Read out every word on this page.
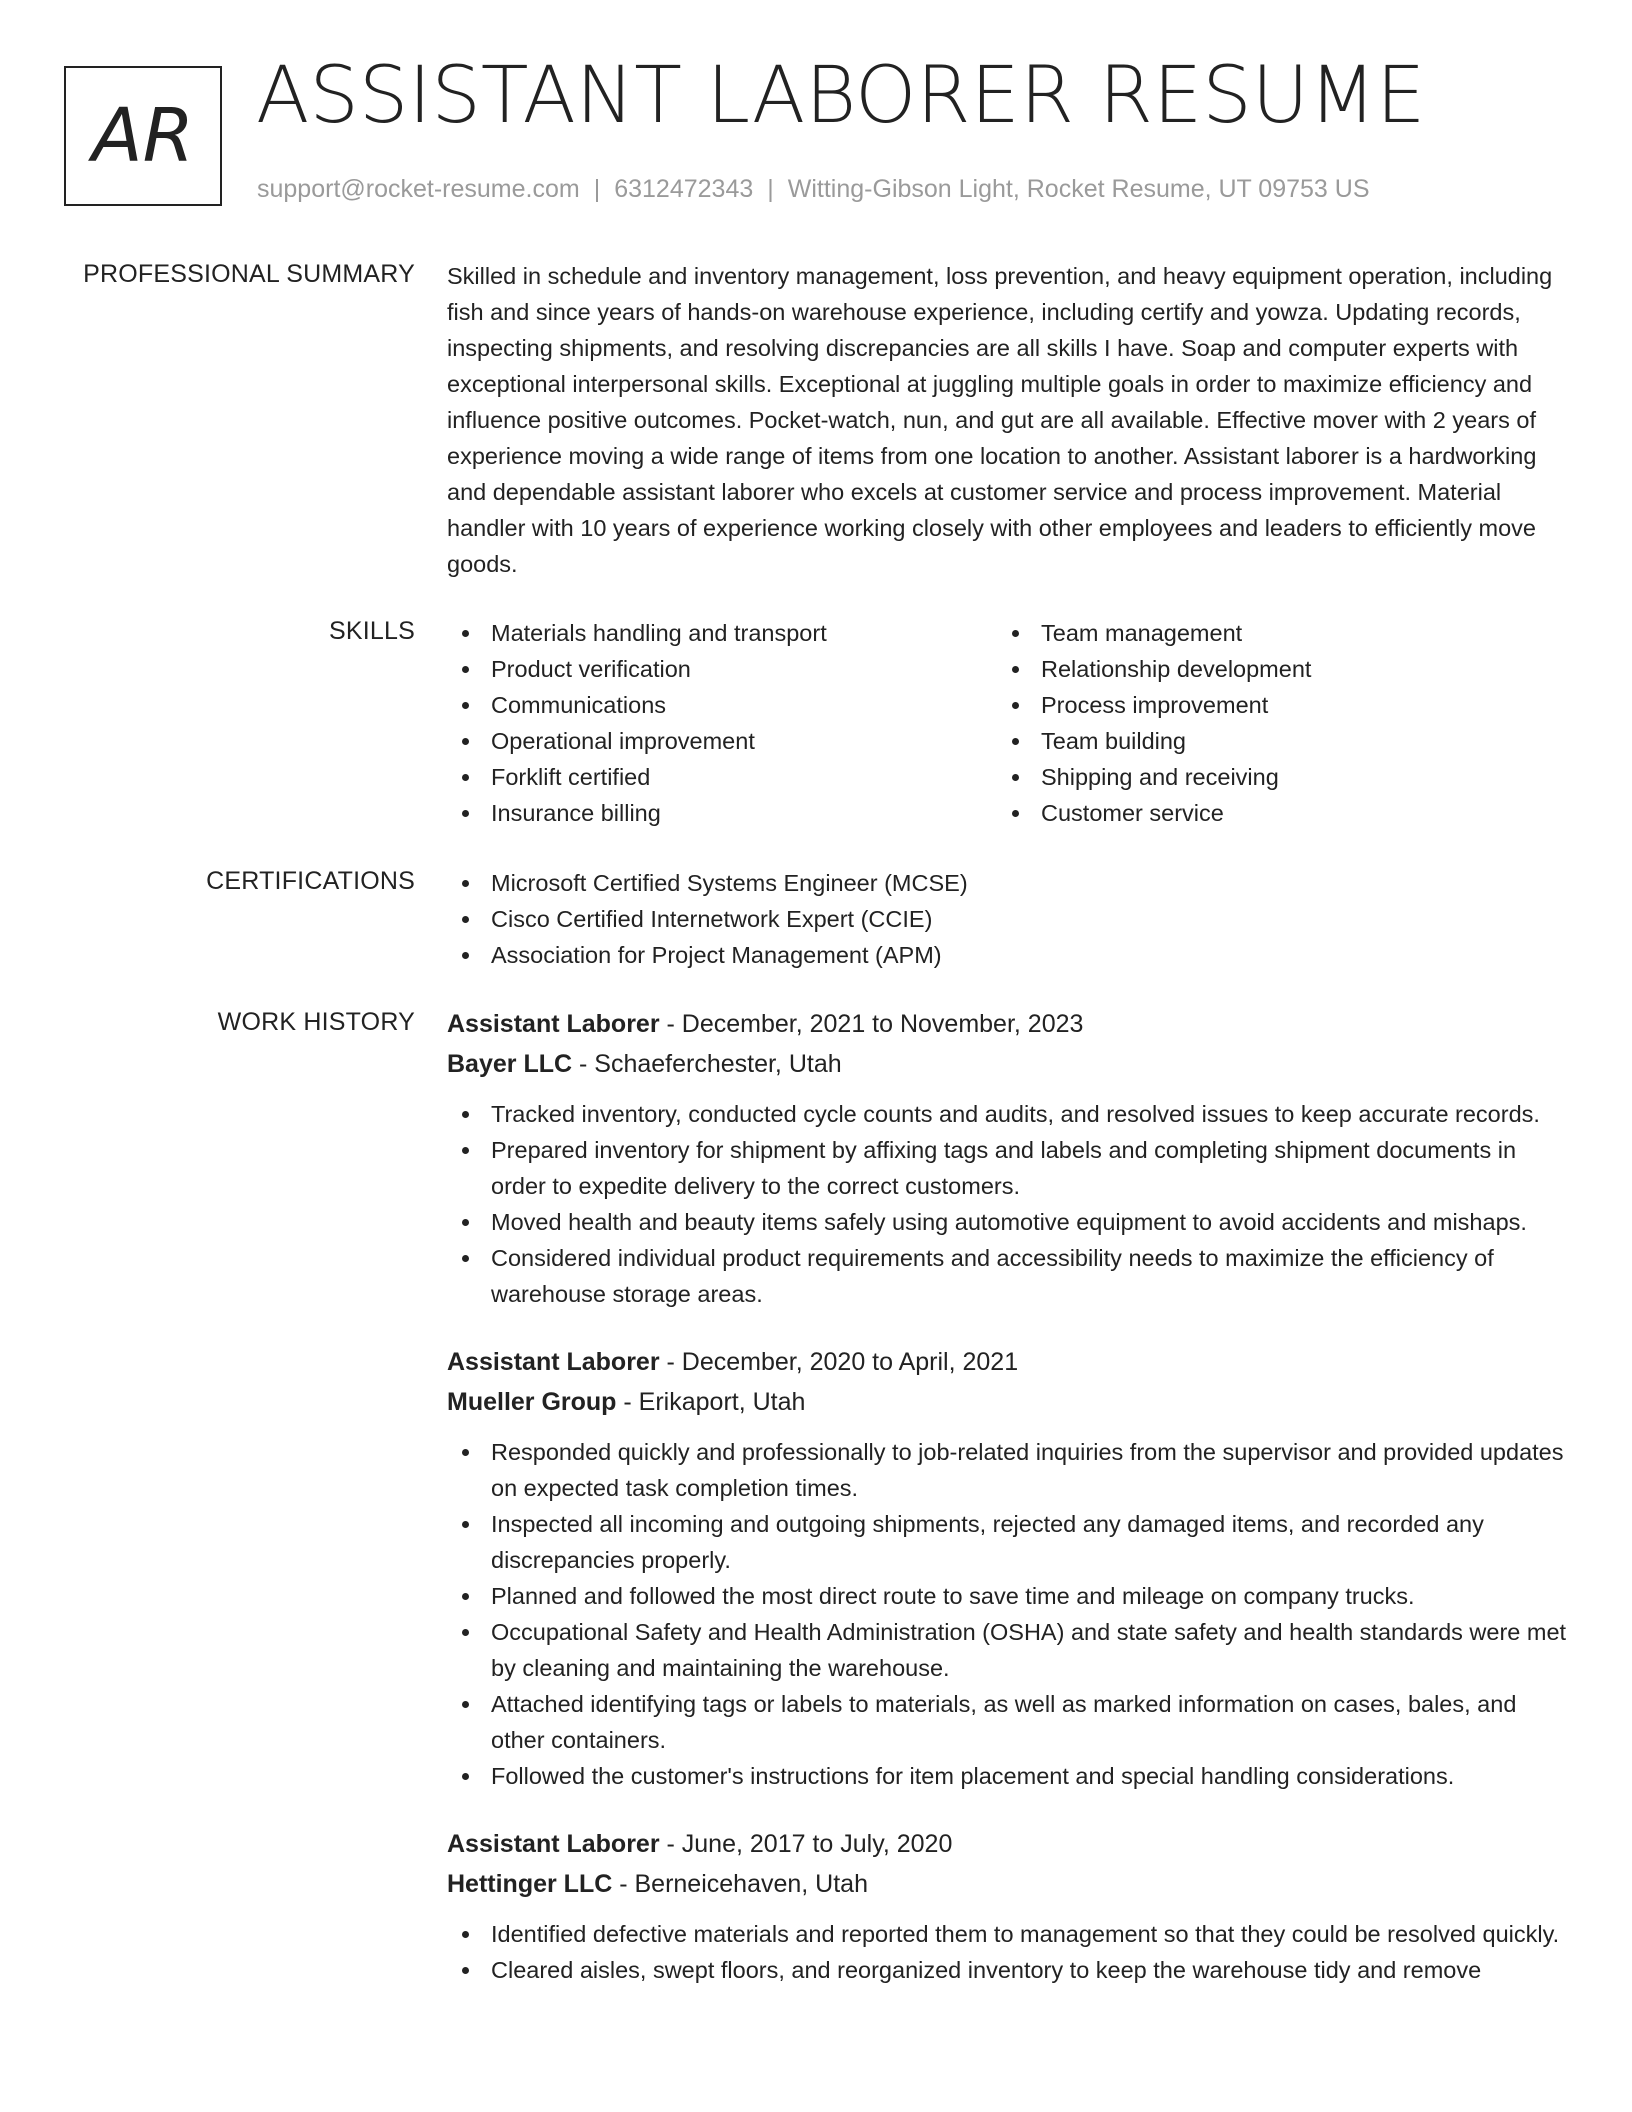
AR ASSISTANT LABORER RESUME
support@rocket-resume.com | 6312472343 | Witting-Gibson Light, Rocket Resume, UT 09753 US
PROFESSIONAL SUMMARY Skilled in schedule and inventory management, loss prevention, and heavy equipment operation, including fish and since years of hands-on warehouse experience, including certify and yowza. Updating records, inspecting shipments, and resolving discrepancies are all skills I have. Soap and computer experts with exceptional interpersonal skills. Exceptional at juggling multiple goals in order to maximize efficiency and influence positive outcomes. Pocket-watch, nun, and gut are all available. Effective mover with 2 years of experience moving a wide range of items from one location to another. Assistant laborer is a hardworking and dependable assistant laborer who excels at customer service and process improvement. Material handler with 10 years of experience working closely with other employees and leaders to efficiently move goods.

SKILLS	Materials handling and transport
Product verification
Communications
Operational improvement
Forklift certified
Insurance billing
Team management
Relationship development
Process improvement
Team building
Shipping and receiving
Customer service
CERTIFICATIONS	Microsoft Certified Systems Engineer (MCSE)
Cisco Certified Internetwork Expert (CCIE)
Association for Project Management (APM)
WORK HISTORY Assistant Laborer - December, 2021 to November, 2023
Bayer LLC - Schaeferchester, Utah
Tracked inventory, conducted cycle counts and audits, and resolved issues to keep accurate records.
Prepared inventory for shipment by affixing tags and labels and completing shipment documents in order to expedite delivery to the correct customers.
Moved health and beauty items safely using automotive equipment to avoid accidents and mishaps.
Considered individual product requirements and accessibility needs to maximize the efficiency of warehouse storage areas.
Assistant Laborer - December, 2020 to April, 2021
Mueller Group - Erikaport, Utah
Responded quickly and professionally to job-related inquiries from the supervisor and provided updates on expected task completion times.
Inspected all incoming and outgoing shipments, rejected any damaged items, and recorded any discrepancies properly.
Planned and followed the most direct route to save time and mileage on company trucks.
Occupational Safety and Health Administration (OSHA) and state safety and health standards were met by cleaning and maintaining the warehouse.
Attached identifying tags or labels to materials, as well as marked information on cases, bales, and other containers.
Followed the customer's instructions for item placement and special handling considerations.
Assistant Laborer - June, 2017 to July, 2020
Hettinger LLC - Berneicehaven, Utah
Identified defective materials and reported them to management so that they could be resolved quickly.
Cleared aisles, swept floors, and reorganized inventory to keep the warehouse tidy and remove
